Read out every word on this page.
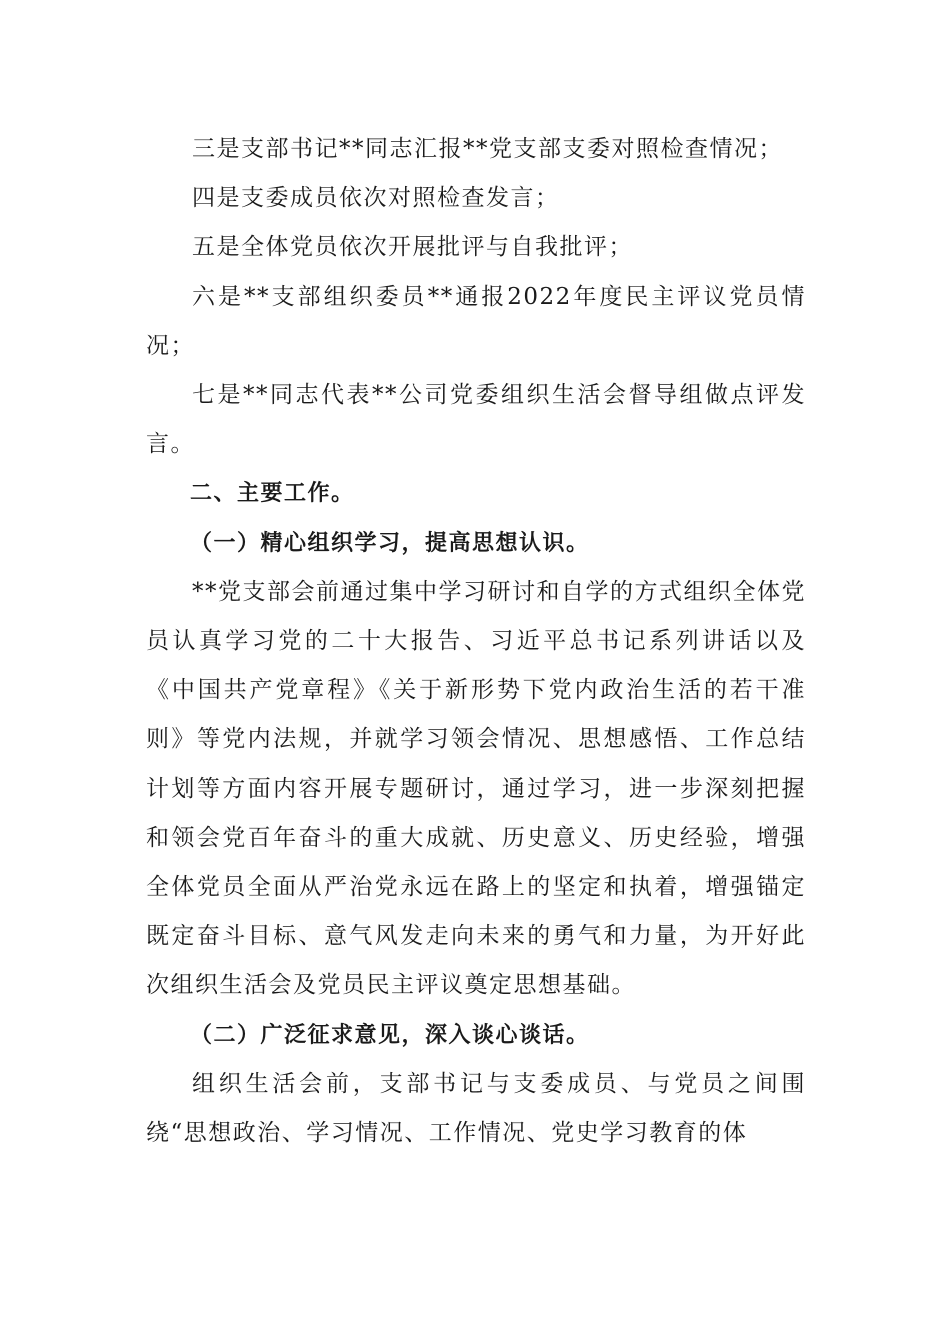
三是支部书记**同志汇报**党支部支委对照检查情况；

四是支委成员依次对照检查发言；

五是全体党员依次开展批评与自我批评；

六是**支部组织委员**通报2022年度民主评议党员情况；

七是**同志代表**公司党委组织生活会督导组做点评发言。

二、主要工作。

（一）精心组织学习，提高思想认识。

**党支部会前通过集中学习研讨和自学的方式组织全体党员认真学习党的二十大报告、习近平总书记系列讲话以及《中国共产党章程》《关于新形势下党内政治生活的若干准则》等党内法规，并就学习领会情况、思想感悟、工作总结计划等方面内容开展专题研讨，通过学习，进一步深刻把握和领会党百年奋斗的重大成就、历史意义、历史经验，增强全体党员全面从严治党永远在路上的坚定和执着，增强锚定既定奋斗目标、意气风发走向未来的勇气和力量，为开好此次组织生活会及党员民主评议奠定思想基础。

（二）广泛征求意见，深入谈心谈话。

组织生活会前，支部书记与支委成员、与党员之间围绕“思想政治、学习情况、工作情况、党史学习教育的体
